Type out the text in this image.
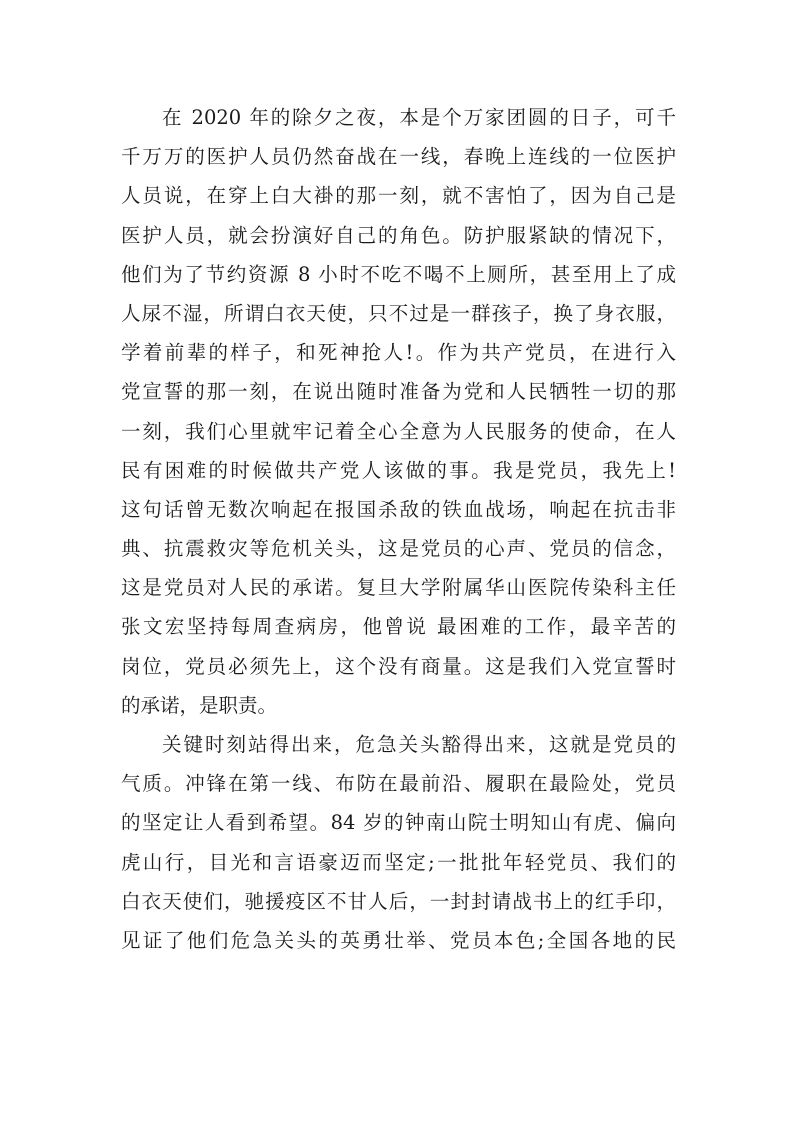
在 2020 年的除夕之夜，本是个万家团圆的日子，可千
千万万的医护人员仍然奋战在一线，春晚上连线的一位医护
人员说，在穿上白大褂的那一刻，就不害怕了，因为自己是
医护人员，就会扮演好自己的角色。防护服紧缺的情况下，
他们为了节约资源 8 小时不吃不喝不上厕所，甚至用上了成
人尿不湿，所谓白衣天使，只不过是一群孩子，换了身衣服，
学着前辈的样子，和死神抢人!。作为共产党员，在进行入
党宣誓的那一刻，在说出随时准备为党和人民牺牲一切的那
一刻，我们心里就牢记着全心全意为人民服务的使命，在人
民有困难的时候做共产党人该做的事。我是党员，我先上!
这句话曾无数次响起在报国杀敌的铁血战场，响起在抗击非
典、抗震救灾等危机关头，这是党员的心声、党员的信念，
这是党员对人民的承诺。复旦大学附属华山医院传染科主任
张文宏坚持每周查病房，他曾说 最困难的工作，最辛苦的
岗位，党员必须先上，这个没有商量。这是我们入党宣誓时
的承诺，是职责。
关键时刻站得出来，危急关头豁得出来，这就是党员的
气质。冲锋在第一线、布防在最前沿、履职在最险处，党员
的坚定让人看到希望。84 岁的钟南山院士明知山有虎、偏向
虎山行，目光和言语豪迈而坚定;一批批年轻党员、我们的
白衣天使们，驰援疫区不甘人后，一封封请战书上的红手印，
见证了他们危急关头的英勇壮举、党员本色;全国各地的民
